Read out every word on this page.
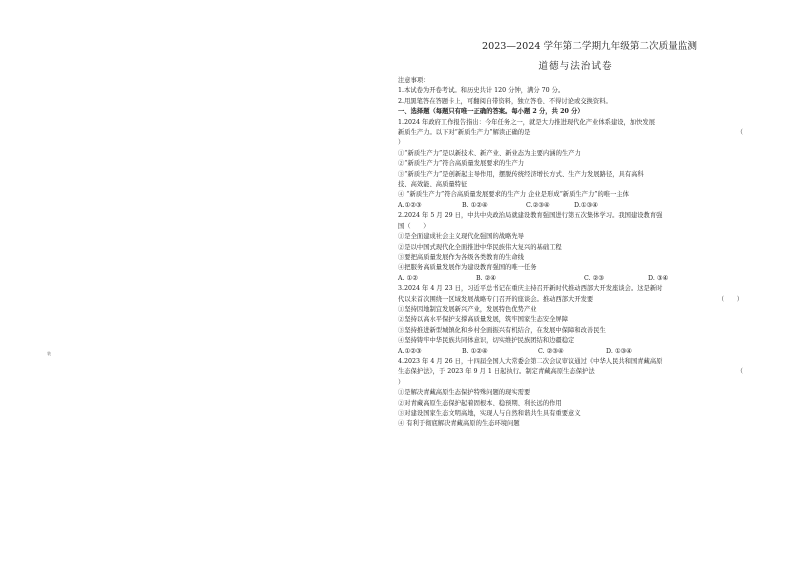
装
2023—2024 学年第二学期九年级第二次质量监测
道德与法治试卷
注意事项：
1.本试卷为开卷考试。和历史共计 120 分钟，满分 70 分。
2.用黑笔答在答题卡上，可翻阅自带资料，独立答卷、不得讨论或交换资料。
一、选择题（每题只有唯一正确的答案。每小题 2 分，共 20 分）
1.2024 年政府工作报告指出：今年任务之一，就是大力推进现代化产业体系建设，加快发展
新质生产力。以下对“新质生产力”解读正确的是	（
）
①“新质生产力”是以新技术、新产业、新业态为主要内涵的生产力
②“新质生产力”符合高质量发展要求的生产力
③“新质生产力”是创新起主导作用，摆脱传统经济增长方式、生产力发展路径，具有高科
技、高效能、高质量特征
④ “新质生产力”符合高质量发展要求的生产力 企业是形成“新质生产力”的唯一主体
A.①②③	B. ①②④	C.②③④	D.①③④
2.2024 年 5 月 29 日，中共中央政治局就建设教育强国进行第五次集体学习。我国建设教育强
国（　　）
①是全面建成社会主义现代化强国的战略先导
②是以中国式现代化全面推进中华民族伟大复兴的基础工程
③要把高质量发展作为各级各类教育的生命线
④把服务高质量发展作为建设教育强国的唯一任务
A. ①②	B. ②④	C. ②③	D. ③④
3.2024 年 4 月 23 日，习近平总书记在重庆主持召开新时代推动西部大开发座谈会。这是新时
代以来首次围绕一区域发展战略专门召开的座谈会。推动西部大开发要	（　　）
①坚持因地制宜发展新兴产业，发展特色优势产业
②坚持以高水平保护支撑高质量发展，筑牢国家生态安全屏障
③坚持推进新型城镇化和乡村全面振兴有机结合，在发展中保障和改善民生
④坚持铸牢中华民族共同体意识，切实维护民族团结和边疆稳定
A.①②③	B. ①②④	C. ②③④	D. ①③④
4.2023 年 4 月 26 日，十四届全国人大常委会第二次会议审议通过《中华人民共和国青藏高原
生态保护法》，于 2023 年 9 月 1 日起执行。制定青藏高原生态保护法	（
）
①是解决青藏高原生态保护特殊问题的现实需要
②对青藏高原生态保护起着固根本、稳预期、利长远的作用
③对建设国家生态文明高地，实现人与自然和谐共生具有重要意义
④ 有利于彻底解决青藏高原的生态环境问题
